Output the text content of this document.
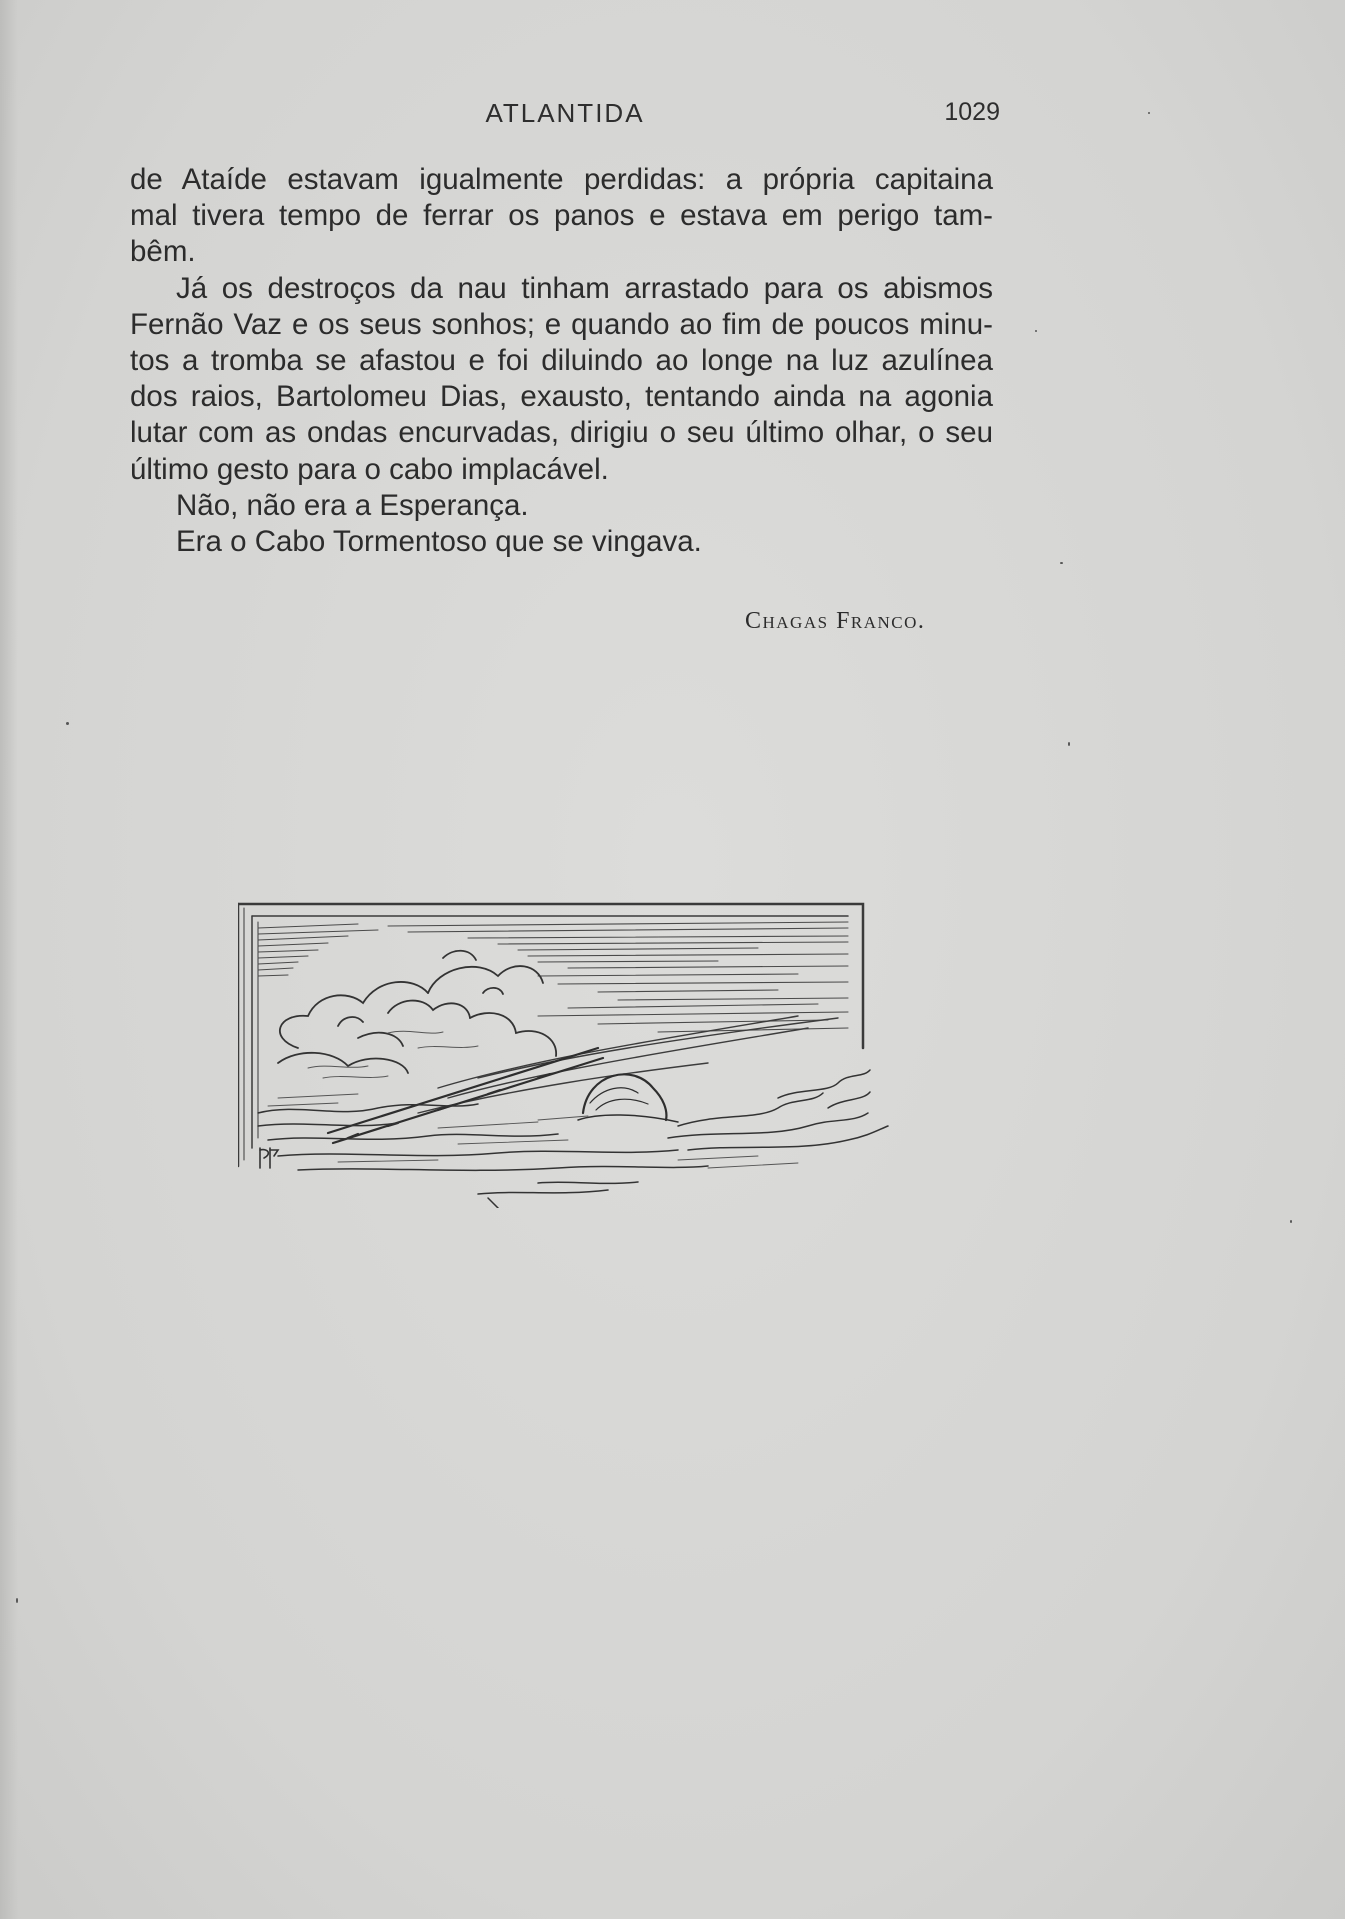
ATLANTIDA	1029

de Ataíde estavam igualmente perdidas: a própria capitaina

mal tivera tempo de ferrar os panos e estava em perigo tam-

bêm.

Já os destroços da nau tinham arrastado para os abismos

Fernão Vaz e os seus sonhos; e quando ao fim de poucos minu-

tos a tromba se afastou e foi diluindo ao longe na luz azulínea

dos raios, Bartolomeu Dias, exausto, tentando ainda na agonia

lutar com as ondas encurvadas, dirigiu o seu último olhar, o seu

último gesto para o cabo implacável.

Não, não era a Esperança.

Era o Cabo Tormentoso que se vingava.

Chagas Franco.
